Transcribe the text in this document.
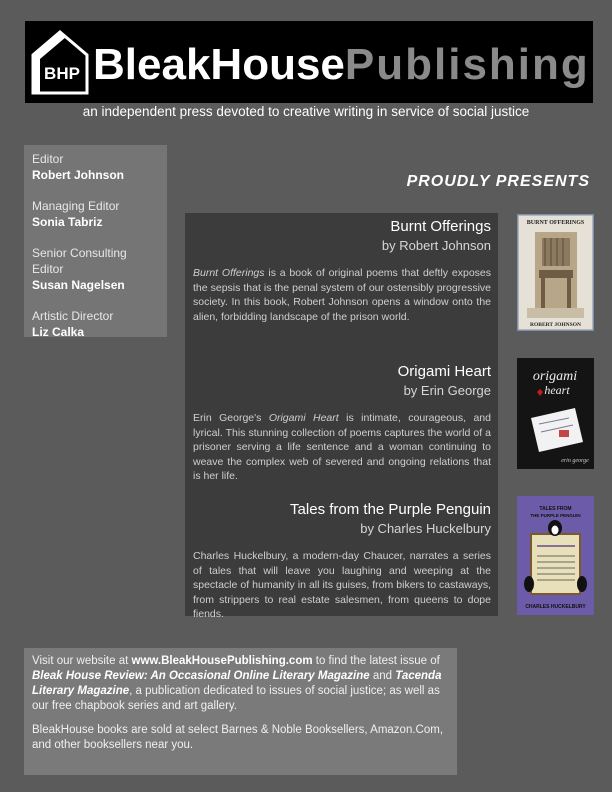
BHP BleakHousePublishing
an independent press devoted to creative writing in service of social justice
Editor
Robert Johnson
Managing Editor
Sonia Tabriz
Senior Consulting Editor
Susan Nagelsen
Artistic Director
Liz Calka
PROUDLY PRESENTS
Burnt Offerings
by Robert Johnson
Burnt Offerings is a book of original poems that deftly exposes the sepsis that is the penal system of our ostensibly progressive society. In this book, Robert Johnson opens a window onto the alien, forbidding landscape of the prison world.
Origami Heart
by Erin George
Erin George's Origami Heart is intimate, courageous, and lyrical. This stunning collection of poems captures the world of a prisoner serving a life sentence and a woman continuing to weave the complex web of severed and ongoing relations that is her life.
Tales from the Purple Penguin
by Charles Huckelbury
Charles Huckelbury, a modern-day Chaucer, narrates a series of tales that will leave you laughing and weeping at the spectacle of humanity in all its guises, from bikers to castaways, from strippers to real estate salesmen, from queens to dope fiends.
BURNT OFFERINGS
ROBERT JOHNSON
origami
heart
erin george
TALES FROM
THE PURPLE PENGUIN
CHARLES HUCKELBURY

Visit our website at www.BleakHousePublishing.com to find the latest issue of Bleak House Review: An Occasional Online Literary Magazine and Tacenda Literary Magazine, a publication dedicated to issues of social justice; as well as our free chapbook series and art gallery.

BleakHouse books are sold at select Barnes & Noble Booksellers, Amazon.Com, and other booksellers near you.
